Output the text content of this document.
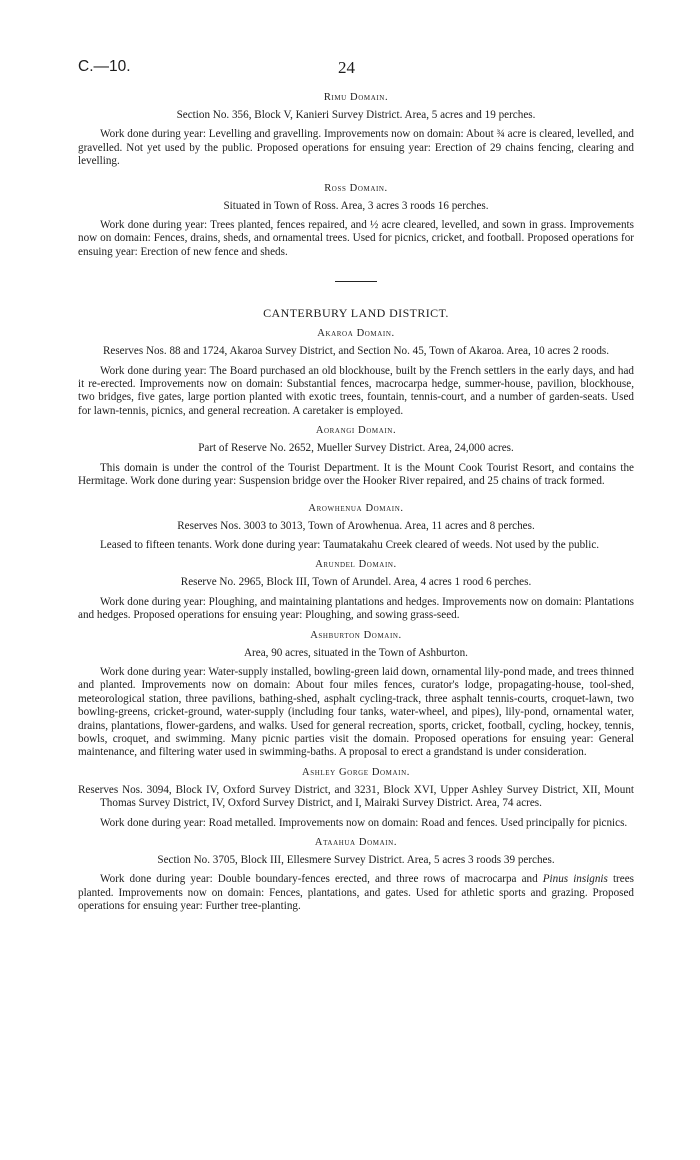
C.—10.	24
Rimu Domain.

Section No. 356, Block V, Kanieri Survey District. Area, 5 acres and 19 perches.

Work done during year: Levelling and gravelling. Improvements now on domain: About ¾ acre is cleared, levelled, and gravelled. Not yet used by the public. Proposed operations for ensuing year: Erection of 29 chains fencing, clearing and levelling.

Ross Domain.

Situated in Town of Ross. Area, 3 acres 3 roods 16 perches.

Work done during year: Trees planted, fences repaired, and ½ acre cleared, levelled, and sown in grass. Improvements now on domain: Fences, drains, sheds, and ornamental trees. Used for picnics, cricket, and football. Proposed operations for ensuing year: Erection of new fence and sheds.

CANTERBURY LAND DISTRICT.
Akaroa Domain.

Reserves Nos. 88 and 1724, Akaroa Survey District, and Section No. 45, Town of Akaroa. Area, 10 acres 2 roods.

Work done during year: The Board purchased an old blockhouse, built by the French settlers in the early days, and had it re-erected. Improvements now on domain: Substantial fences, macrocarpa hedge, summer-house, pavilion, blockhouse, two bridges, five gates, large portion planted with exotic trees, fountain, tennis-court, and a number of garden-seats. Used for lawn-tennis, picnics, and general recreation. A caretaker is employed.

Aorangi Domain.

Part of Reserve No. 2652, Mueller Survey District. Area, 24,000 acres.

This domain is under the control of the Tourist Department. It is the Mount Cook Tourist Resort, and contains the Hermitage. Work done during year: Suspension bridge over the Hooker River repaired, and 25 chains of track formed.

Arowhenua Domain.

Reserves Nos. 3003 to 3013, Town of Arowhenua. Area, 11 acres and 8 perches.

Leased to fifteen tenants. Work done during year: Taumatakahu Creek cleared of weeds. Not used by the public.

Arundel Domain.

Reserve No. 2965, Block III, Town of Arundel. Area, 4 acres 1 rood 6 perches.

Work done during year: Ploughing, and maintaining plantations and hedges. Improvements now on domain: Plantations and hedges. Proposed operations for ensuing year: Ploughing, and sowing grass-seed.

Ashburton Domain.

Area, 90 acres, situated in the Town of Ashburton.

Work done during year: Water-supply installed, bowling-green laid down, ornamental lily-pond made, and trees thinned and planted. Improvements now on domain: About four miles fences, curator's lodge, propagating-house, tool-shed, meteorological station, three pavilions, bathing-shed, asphalt cycling-track, three asphalt tennis-courts, croquet-lawn, two bowling-greens, cricket-ground, water-supply (including four tanks, water-wheel, and pipes), lily-pond, ornamental water, drains, plantations, flower-gardens, and walks. Used for general recreation, sports, cricket, football, cycling, hockey, tennis, bowls, croquet, and swimming. Many picnic parties visit the domain. Proposed operations for ensuing year: General maintenance, and filtering water used in swimming-baths. A proposal to erect a grandstand is under consideration.

Ashley Gorge Domain.

Reserves Nos. 3094, Block IV, Oxford Survey District, and 3231, Block XVI, Upper Ashley Survey District, XII, Mount Thomas Survey District, IV, Oxford Survey District, and I, Mairaki Survey District. Area, 74 acres.

Work done during year: Road metalled. Improvements now on domain: Road and fences. Used principally for picnics.

Ataahua Domain.

Section No. 3705, Block III, Ellesmere Survey District. Area, 5 acres 3 roods 39 perches.

Work done during year: Double boundary-fences erected, and three rows of macrocarpa and Pinus insignis trees planted. Improvements now on domain: Fences, plantations, and gates. Used for athletic sports and grazing. Proposed operations for ensuing year: Further tree-planting.
